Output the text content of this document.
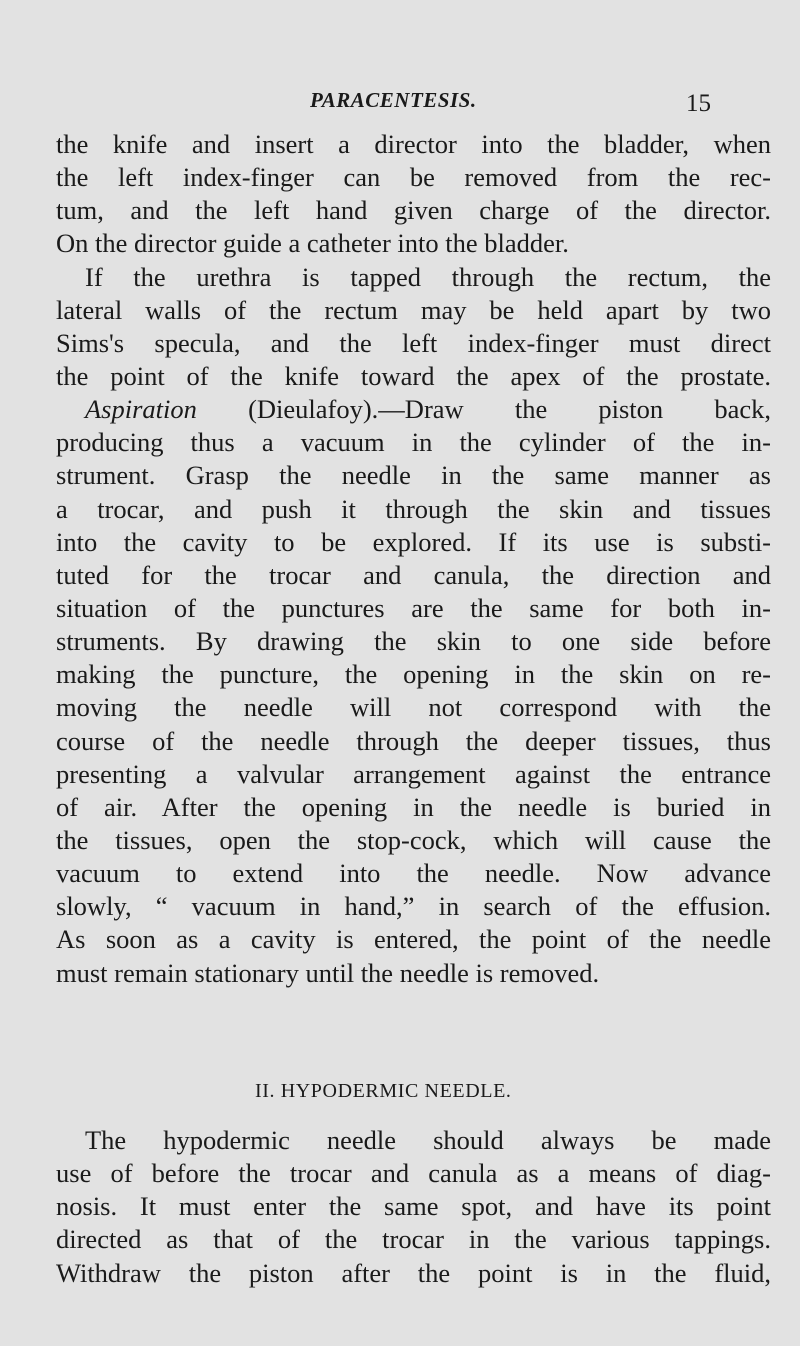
PARACENTESIS.	15
the knife and insert a director into the bladder, when
the left index-finger can be removed from the rec-
tum, and the left hand given charge of the director.
On the director guide a catheter into the bladder.
If the urethra is tapped through the rectum, the
lateral walls of the rectum may be held apart by two
Sims's specula, and the left index-finger must direct
the point of the knife toward the apex of the prostate.
Aspiration (Dieulafoy).—Draw the piston back,
producing thus a vacuum in the cylinder of the in-
strument. Grasp the needle in the same manner as
a trocar, and push it through the skin and tissues
into the cavity to be explored. If its use is substi-
tuted for the trocar and canula, the direction and
situation of the punctures are the same for both in-
struments. By drawing the skin to one side before
making the puncture, the opening in the skin on re-
moving the needle will not correspond with the
course of the needle through the deeper tissues, thus
presenting a valvular arrangement against the entrance
of air. After the opening in the needle is buried in
the tissues, open the stop-cock, which will cause the
vacuum to extend into the needle. Now advance
slowly, “ vacuum in hand,” in search of the effusion.
As soon as a cavity is entered, the point of the needle
must remain stationary until the needle is removed.
II. HYPODERMIC NEEDLE.
The hypodermic needle should always be made
use of before the trocar and canula as a means of diag-
nosis. It must enter the same spot, and have its point
directed as that of the trocar in the various tappings.
Withdraw the piston after the point is in the fluid,
